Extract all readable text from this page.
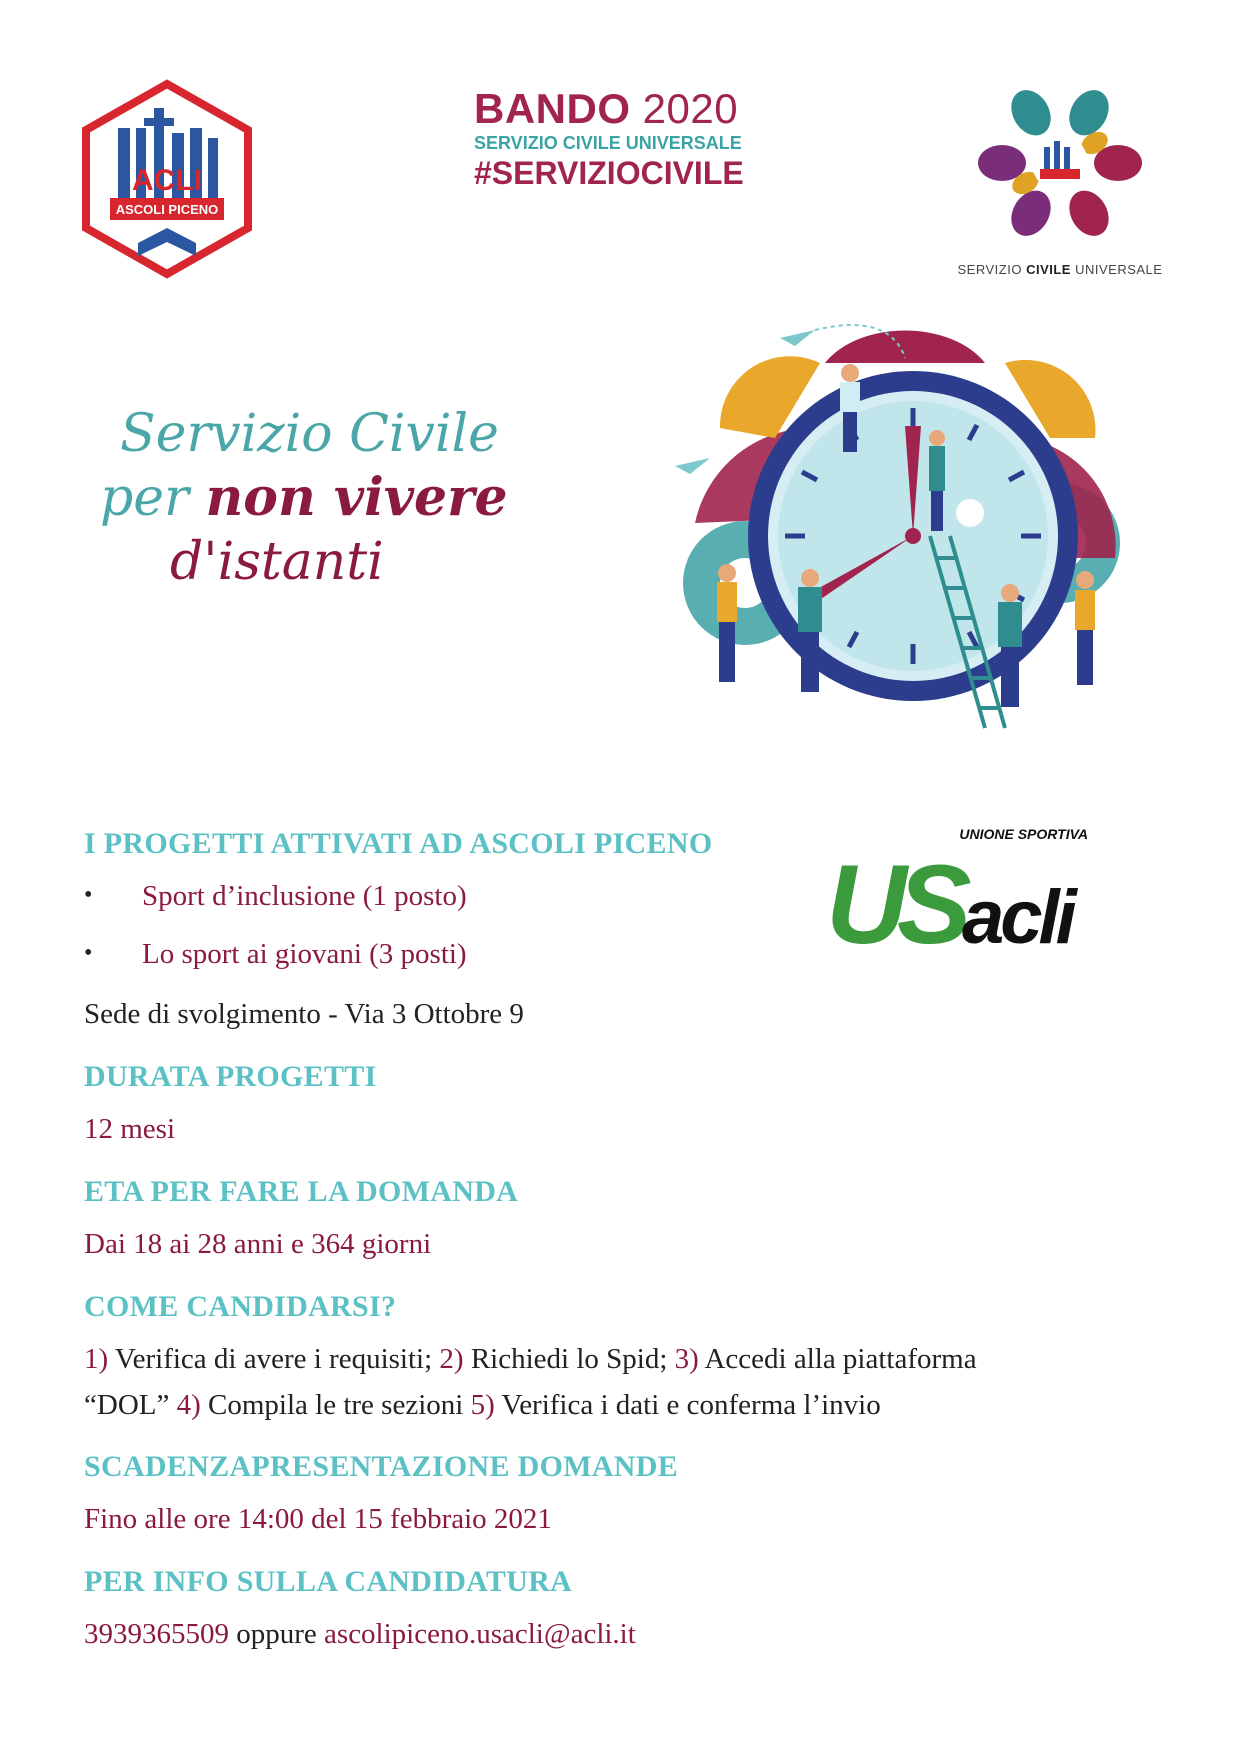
ACLI
ASCOLI PICENO
BANDO 2020
SERVIZIO CIVILE UNIVERSALE
#SERVIZIOCIVILE
SERVIZIO CIVILE UNIVERSALE
Servizio Civile
per non vivere
d'istanti
UNIONE SPORTIVA
US acli
I PROGETTI ATTIVATI AD ASCOLI PICENO
• Sport d’inclusione (1 posto)
• Lo sport ai giovani (3 posti)
Sede di svolgimento - Via 3 Ottobre 9
DURATA PROGETTI
12 mesi
ETA PER FARE LA DOMANDA
Dai 18 ai 28 anni e 364 giorni
COME CANDIDARSI?
1) Verifica di avere i requisiti; 2) Richiedi lo Spid; 3) Accedi alla piattaforma
“DOL” 4) Compila le tre sezioni 5) Verifica i dati e conferma l’invio
SCADENZAPRESENTAZIONE DOMANDE
Fino alle ore 14:00 del 15 febbraio 2021
PER INFO SULLA CANDIDATURA
3939365509 oppure ascolipiceno.usacli@acli.it
